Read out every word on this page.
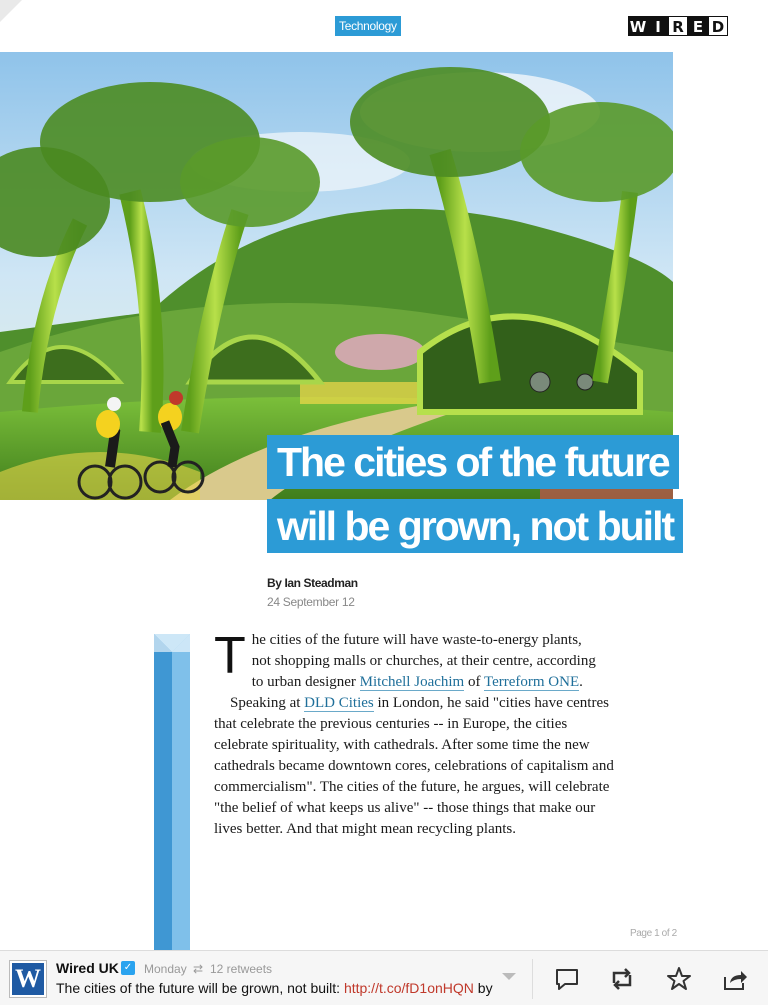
Technology	W I R E D
The cities of the future will be grown, not built
By Ian Steadman
24 September 12

T he cities of the future will have waste-to-energy plants,

not shopping malls or churches, at their centre, according
to urban designer Mitchell Joachim of Terreform ONE.

Speaking at DLD Cities in London, he said "cities have centres that celebrate the previous centuries -- in Europe, the cities celebrate spirituality, with cathedrals. After some time the new cathedrals became downtown cores, celebrations of capitalism and commercialism". The cities of the future, he argues, will celebrate "the belief of what keeps us alive" -- those things that make our lives better. And that might mean recycling plants.

Page 1 of 2
W	Wired UK ✓ Monday ⇄ 12 retweets
The cities of the future will be grown, not built: http://t.co/fD1onHQN by
